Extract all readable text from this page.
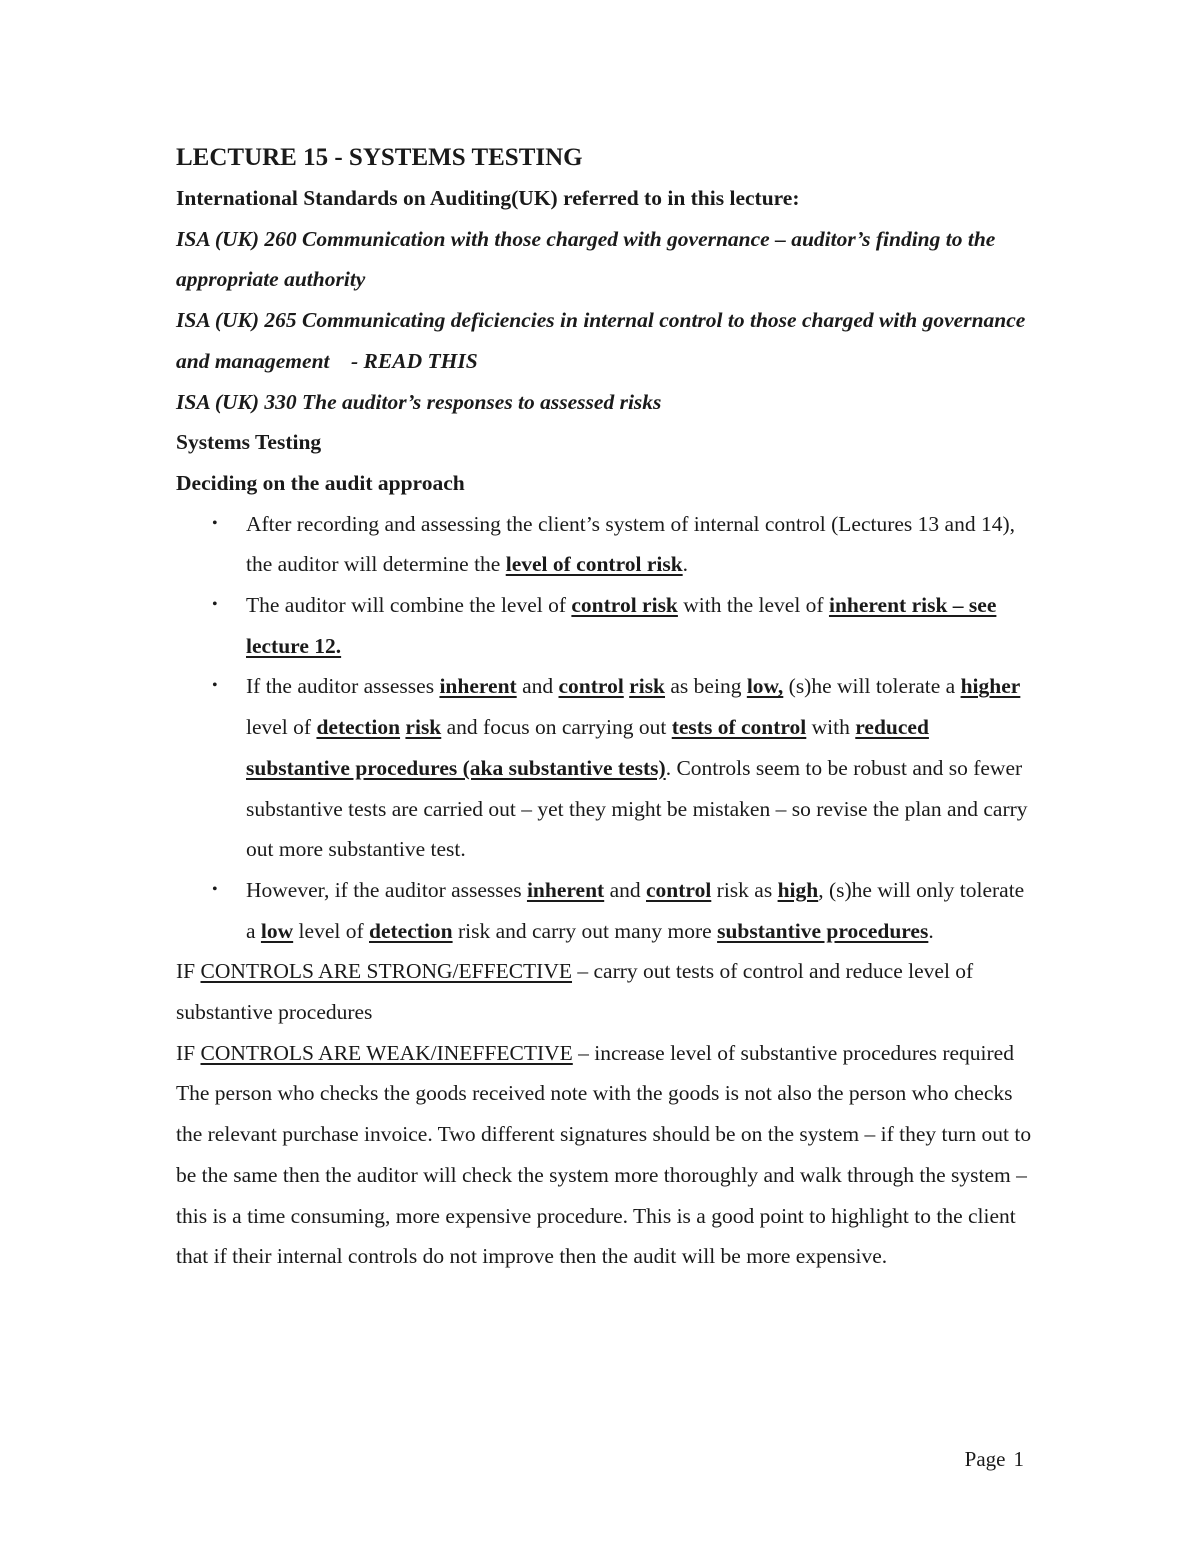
LECTURE 15 - SYSTEMS TESTING

International Standards on Auditing(UK) referred to in this lecture:

ISA (UK) 260 Communication with those charged with governance – auditor’s finding to the appropriate authority

ISA (UK) 265 Communicating deficiencies in internal control to those charged with governance and management - READ THIS

ISA (UK) 330 The auditor’s responses to assessed risks

Systems Testing

Deciding on the audit approach

• After recording and assessing the client’s system of internal control (Lectures 13 and 14), the auditor will determine the level of control risk.
• The auditor will combine the level of control risk with the level of inherent risk – see lecture 12.
• If the auditor assesses inherent and control risk as being low, (s)he will tolerate a higher level of detection risk and focus on carrying out tests of control with reduced substantive procedures (aka substantive tests). Controls seem to be robust and so fewer substantive tests are carried out – yet they might be mistaken – so revise the plan and carry out more substantive test.
• However, if the auditor assesses inherent and control risk as high, (s)he will only tolerate a low level of detection risk and carry out many more substantive procedures.

IF CONTROLS ARE STRONG/EFFECTIVE – carry out tests of control and reduce level of substantive procedures

IF CONTROLS ARE WEAK/INEFFECTIVE – increase level of substantive procedures required

The person who checks the goods received note with the goods is not also the person who checks the relevant purchase invoice. Two different signatures should be on the system – if they turn out to be the same then the auditor will check the system more thoroughly and walk through the system – this is a time consuming, more expensive procedure. This is a good point to highlight to the client that if their internal controls do not improve then the audit will be more expensive.

Page 1
